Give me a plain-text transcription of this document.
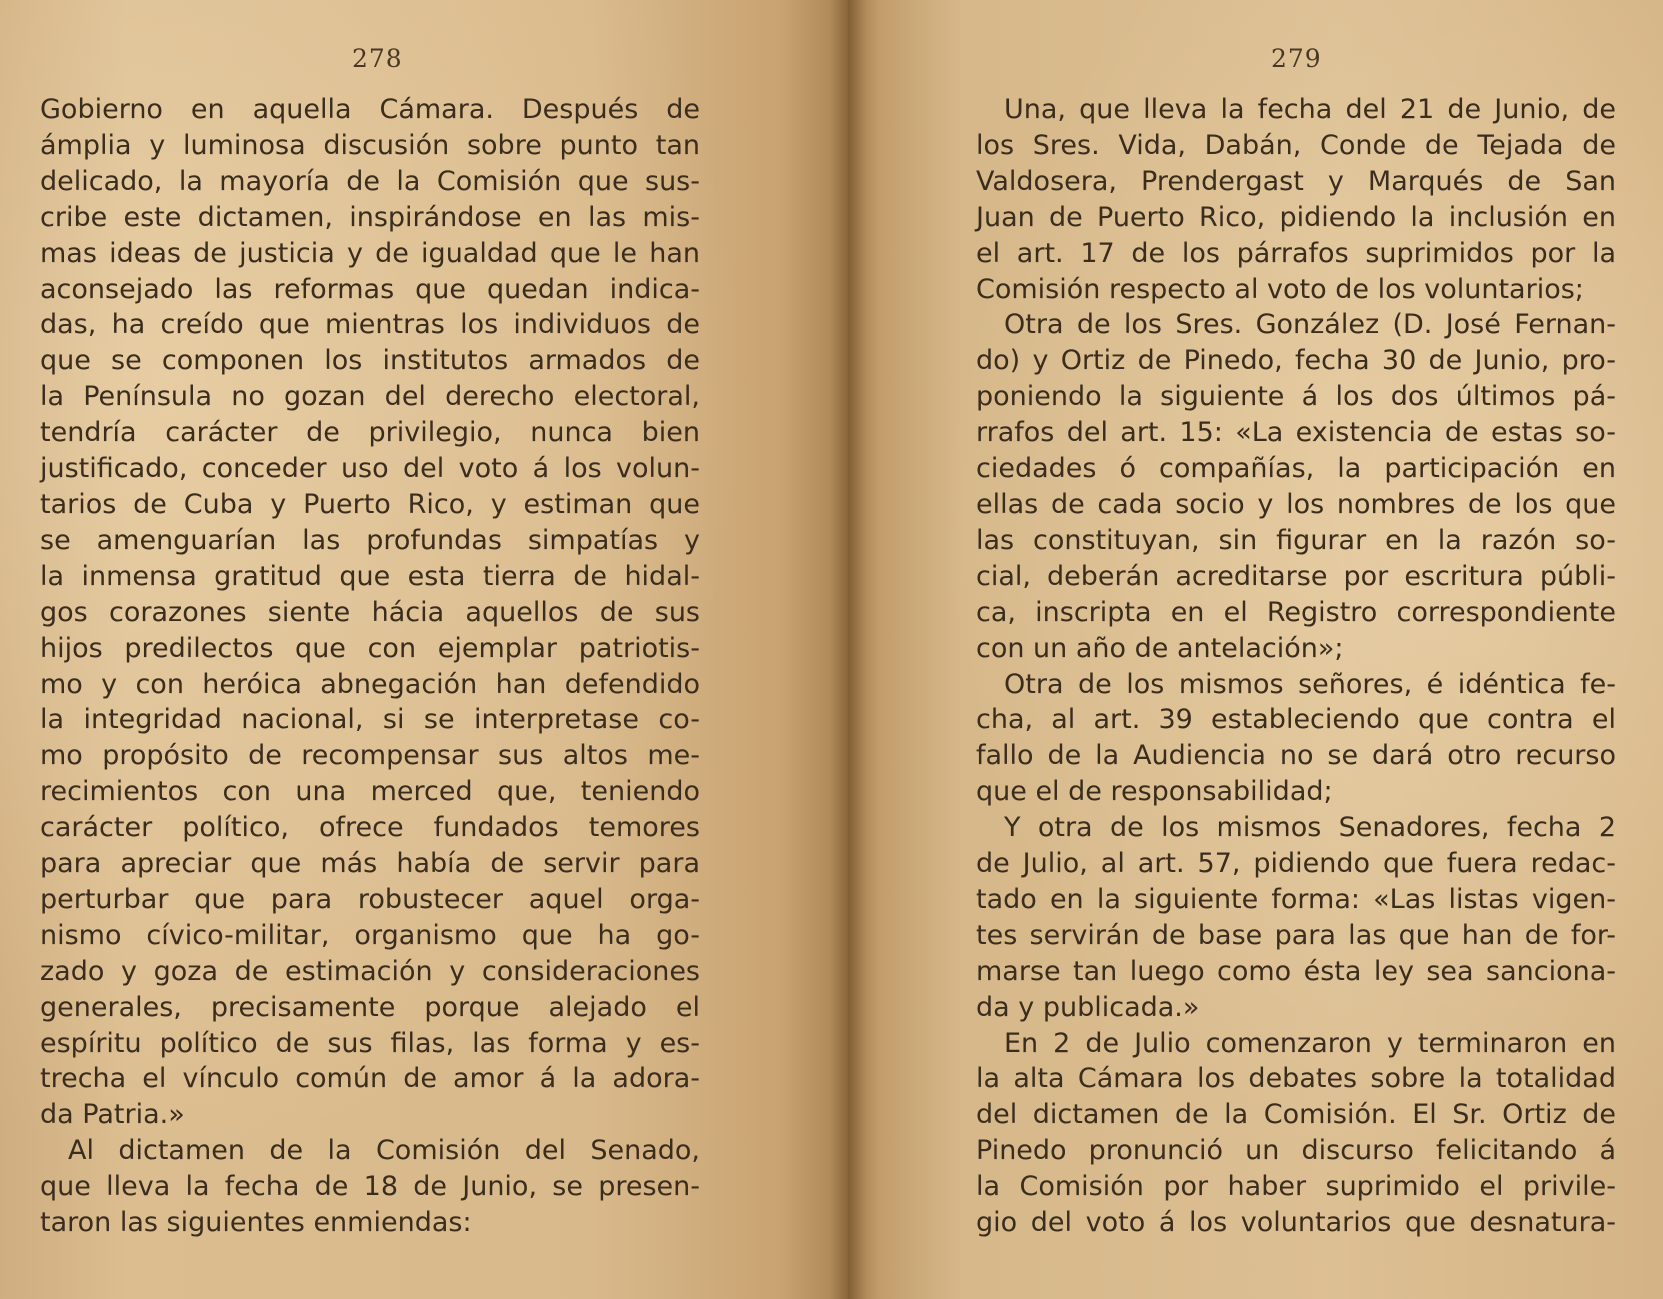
278
Gobierno en aquella Cámara. Después de
ámplia y luminosa discusión sobre punto tan
delicado, la mayoría de la Comisión que sus-
cribe este dictamen, inspirándose en las mis-
mas ideas de justicia y de igualdad que le han
aconsejado las reformas que quedan indica-
das, ha creído que mientras los individuos de
que se componen los institutos armados de
la Península no gozan del derecho electoral,
tendría carácter de privilegio, nunca bien
justificado, conceder uso del voto á los volun-
tarios de Cuba y Puerto Rico, y estiman que
se amenguarían las profundas simpatías y
la inmensa gratitud que esta tierra de hidal-
gos corazones siente hácia aquellos de sus
hijos predilectos que con ejemplar patriotis-
mo y con heróica abnegación han defendido
la integridad nacional, si se interpretase co-
mo propósito de recompensar sus altos me-
recimientos con una merced que, teniendo
carácter político, ofrece fundados temores
para apreciar que más había de servir para
perturbar que para robustecer aquel orga-
nismo cívico-militar, organismo que ha go-
zado y goza de estimación y consideraciones
generales, precisamente porque alejado el
espíritu político de sus filas, las forma y es-
trecha el vínculo común de amor á la adora-
da Patria.»
Al dictamen de la Comisión del Senado,
que lleva la fecha de 18 de Junio, se presen-
taron las siguientes enmiendas:
279
Una, que lleva la fecha del 21 de Junio, de
los Sres. Vida, Dabán, Conde de Tejada de
Valdosera, Prendergast y Marqués de San
Juan de Puerto Rico, pidiendo la inclusión en
el art. 17 de los párrafos suprimidos por la
Comisión respecto al voto de los voluntarios;
Otra de los Sres. González (D. José Fernan-
do) y Ortiz de Pinedo, fecha 30 de Junio, pro-
poniendo la siguiente á los dos últimos pá-
rrafos del art. 15: «La existencia de estas so-
ciedades ó compañías, la participación en
ellas de cada socio y los nombres de los que
las constituyan, sin figurar en la razón so-
cial, deberán acreditarse por escritura públi-
ca, inscripta en el Registro correspondiente
con un año de antelación»;
Otra de los mismos señores, é idéntica fe-
cha, al art. 39 estableciendo que contra el
fallo de la Audiencia no se dará otro recurso
que el de responsabilidad;
Y otra de los mismos Senadores, fecha 2
de Julio, al art. 57, pidiendo que fuera redac-
tado en la siguiente forma: «Las listas vigen-
tes servirán de base para las que han de for-
marse tan luego como ésta ley sea sanciona-
da y publicada.»
En 2 de Julio comenzaron y terminaron en
la alta Cámara los debates sobre la totalidad
del dictamen de la Comisión. El Sr. Ortiz de
Pinedo pronunció un discurso felicitando á
la Comisión por haber suprimido el privile-
gio del voto á los voluntarios que desnatura-
